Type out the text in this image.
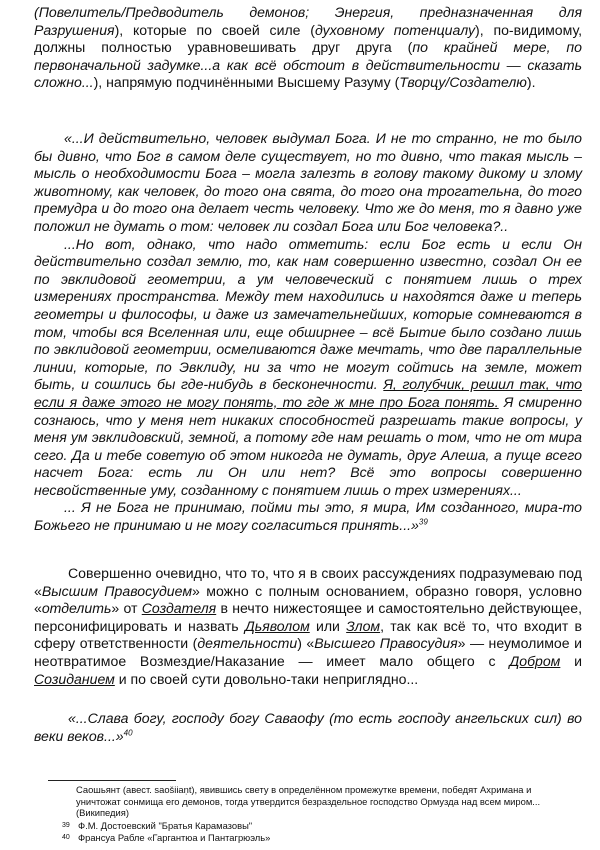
(Повелитель/Предводитель демонов; Энергия, предназначенная для Разрушения), которые по своей силе (духовному потенциалу), по-видимому, должны полностью уравновешивать друг друга (по крайней мере, по первоначальной задумке...а как всё обстоит в действительности — сказать сложно...), напрямую подчинёнными Высшему Разуму (Творцу/Создателю).

«...И действительно, человек выдумал Бога. И не то странно, не то было бы дивно, что Бог в самом деле существует, но то дивно, что такая мысль – мысль о необходимости Бога – могла залезть в голову такому дикому и злому животному, как человек, до того она свята, до того она трогательна, до того премудра и до того она делает честь человеку. Что же до меня, то я давно уже положил не думать о том: человек ли создал Бога или Бог человека?..
...Но вот, однако, что надо отметить: если Бог есть и если Он действительно создал землю, то, как нам совершенно известно, создал Он ее по эвклидовой геометрии, а ум человеческий с понятием лишь о трех измерениях пространства. Между тем находились и находятся даже и теперь геометры и философы, и даже из замечательнейших, которые сомневаются в том, чтобы вся Вселенная или, еще обширнее – всё Бытие было создано лишь по эвклидовой геометрии, осмеливаются даже мечтать, что две параллельные линии, которые, по Эвклиду, ни за что не могут сойтись на земле, может быть, и сошлись бы где-нибудь в бесконечности. Я, голубчик, решил так, что если я даже этого не могу понять, то где ж мне про Бога понять. Я смиренно сознаюсь, что у меня нет никаких способностей разрешать такие вопросы, у меня ум эвклидовский, земной, а потому где нам решать о том, что не от мира сего. Да и тебе советую об этом никогда не думать, друг Алеша, а пуще всего насчет Бога: есть ли Он или нет? Всё это вопросы совершенно несвойственные уму, созданному с понятием лишь о трех измерениях...
... Я не Бога не принимаю, пойми ты это, я мира, Им созданного, мира-то Божьего не принимаю и не могу согласиться принять...»$^{39}$

Совершенно очевидно, что то, что я в своих рассуждениях подразумеваю под «Высшим Правосудием» можно с полным основанием, образно говоря, условно «отделить» от Создателя в нечто нижестоящее и самостоятельно действующее, персонифицировать и назвать Дьяволом или Злом, так как всё то, что входит в сферу ответственности (деятельности) «Высшего Правосудия» — неумолимое и неотвратимое Возмездие/Наказание — имеет мало общего с Добром и Созиданием и по своей сути довольно-таки неприглядно...

«...Слава богу, господу богу Саваофу (то есть господу ангельских сил) во веки веков...»$^{40}$

Саошьянт (авест. saošiiaṇt), явившись свету в определённом промежутке времени, победят Ахримана и уничтожат сонмища его демонов, тогда утвердится безраздельное господство Ормузда над всем миром... (Википедия)

39 Ф.М. Достоевский "Братья Карамазовы"

40 Франсуа Рабле «Гаргантюа и Пантагрюэль»
